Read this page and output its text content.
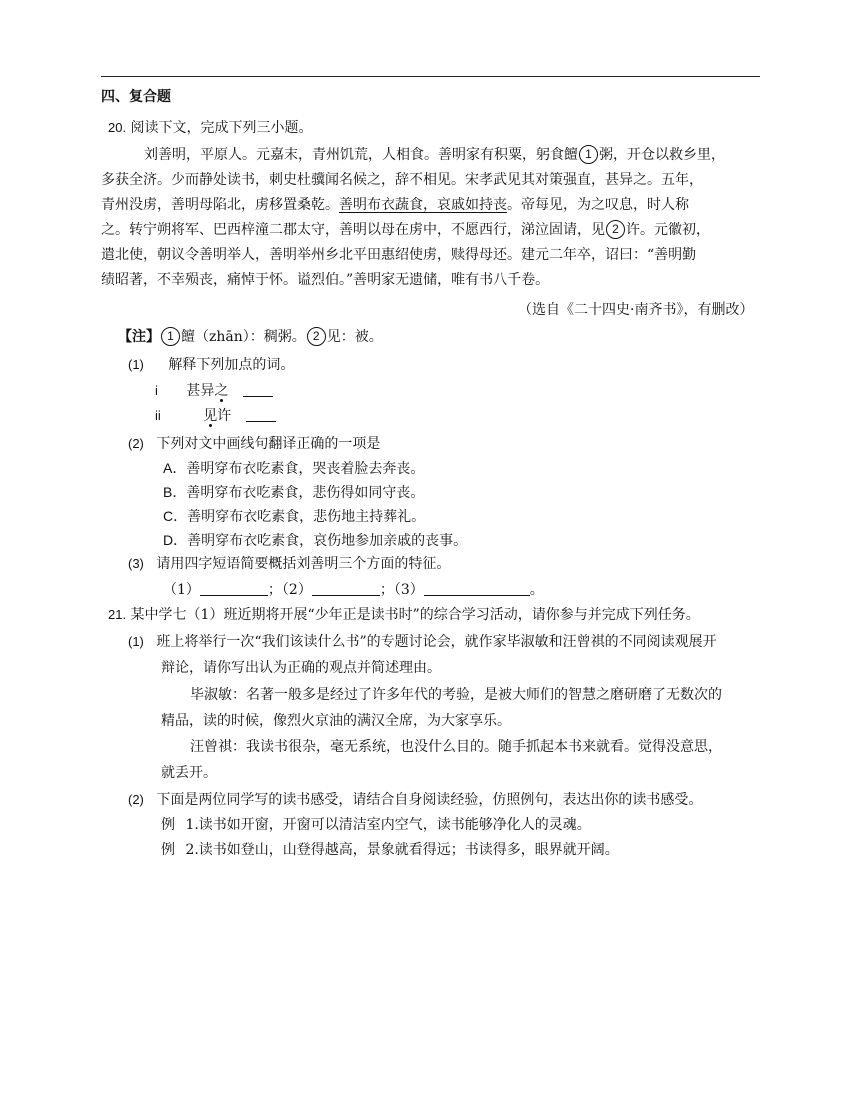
四、复合题
20. 阅读下文，完成下列三小题。
刘善明，平原人。元嘉末，青州饥荒，人相食。善明家有积粟，躬食饘 1 粥，开仓以救乡里，
多获全济。少而静处读书，刺史杜骥闻名候之，辞不相见。宋孝武见其对策强直，甚异之。五年，
青州没虏，善明母陷北，虏移置桑乾。善明布衣蔬食，哀戚如持丧。帝每见，为之叹息，时人称
之。转宁朔将军、巴西梓潼二郡太守，善明以母在虏中，不愿西行，涕泣固请，见 2 许。元徽初，
遣北使，朝议令善明举人，善明举州乡北平田惠绍使虏，赎得母还。建元二年卒，诏曰：“善明勤
绩昭著，不幸殒丧，痛悼于怀。谥烈伯。”善明家无遗储，唯有书八千卷。
（选自《二十四史·南齐书》，有删改）
【注】 1 饘（zhān）：稠粥。 2 见：被。
(1) 解释下列加点的词。
i 甚异之
ii	见许
(2) 下列对文中画线句翻译正确的一项是
A．善明穿布衣吃素食，哭丧着脸去奔丧。
B．善明穿布衣吃素食，悲伤得如同守丧。
C．善明穿布衣吃素食，悲伤地主持葬礼。
D．善明穿布衣吃素食，哀伤地参加亲戚的丧事。
(3) 请用四字短语简要概括刘善明三个方面的特征。
（1）	；（2）	；（3）	。
21. 某中学七（1）班近期将开展“少年正是读书时”的综合学习活动，请你参与并完成下列任务。
(1) 班上将举行一次“我们该读什么书”的专题讨论会，就作家毕淑敏和汪曾祺的不同阅读观展开
辩论，请你写出认为正确的观点并简述理由。
毕淑敏：名著一般多是经过了许多年代的考验，是被大师们的智慧之磨研磨了无数次的
精品，读的时候，像烈火京油的满汉全席，为大家享乐。
汪曾祺：我读书很杂，毫无系统，也没什么目的。随手抓起本书来就看。觉得没意思，
就丢开。
(2) 下面是两位同学写的读书感受，请结合自身阅读经验，仿照例句，表达出你的读书感受。
例 1.读书如开窗，开窗可以清洁室内空气，读书能够净化人的灵魂。
例 2.读书如登山，山登得越高，景象就看得远；书读得多，眼界就开阔。
